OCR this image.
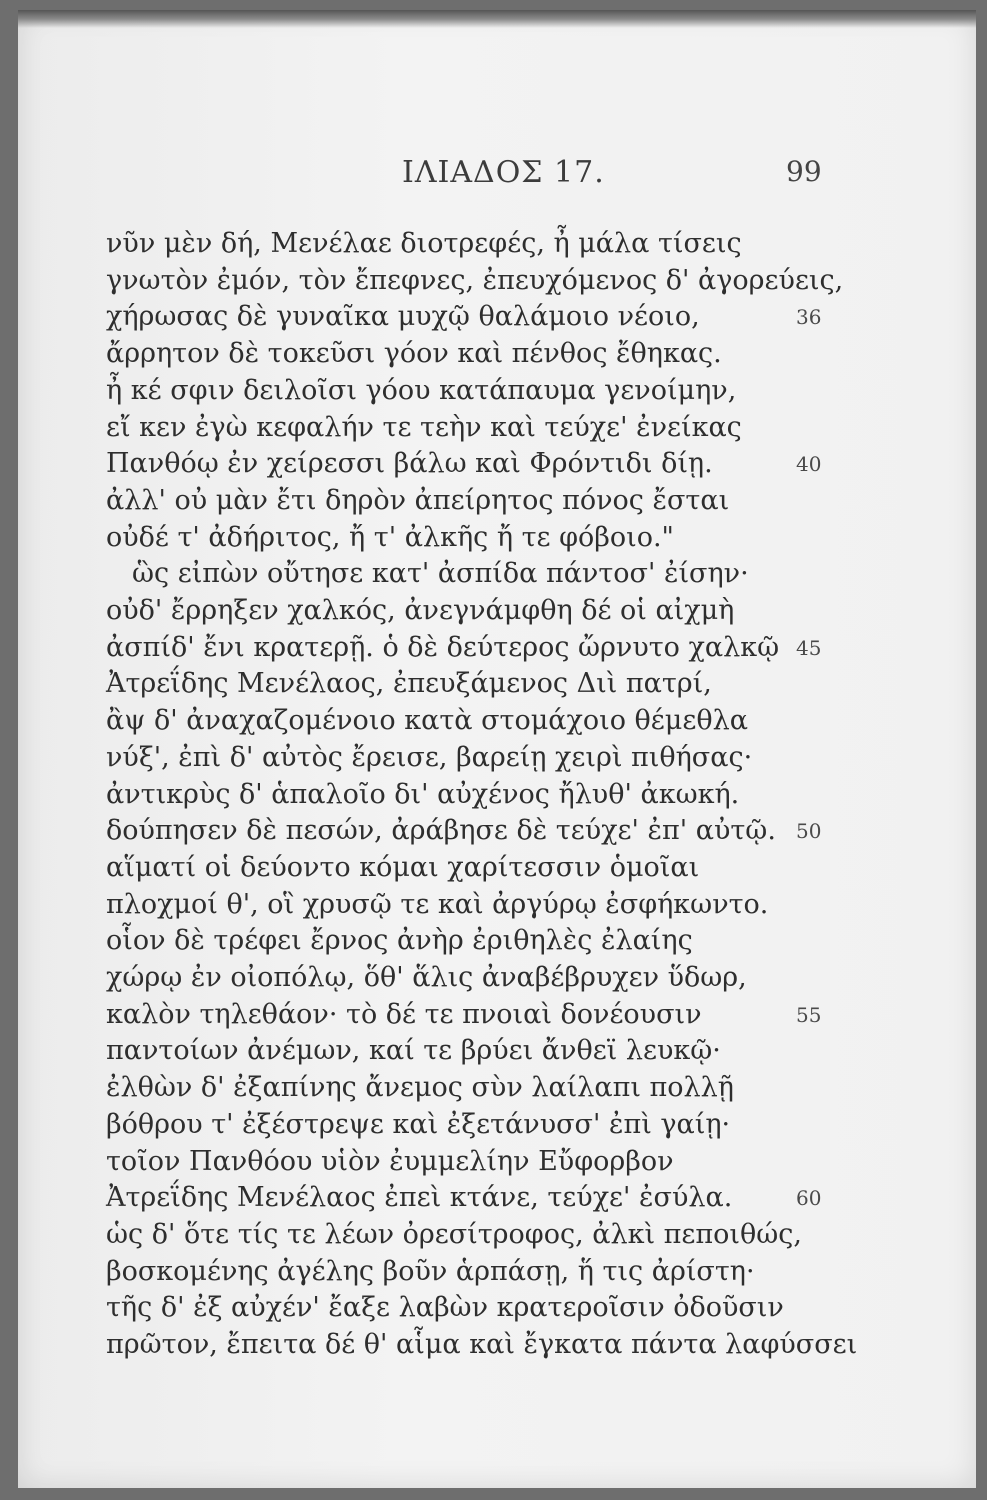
ΙΛΙΑΔΟΣ 17.	99
νῦν μὲν δή, Μενέλαε διοτρεφές, ἦ μάλα τίσεις
γνωτὸν ἐμόν, τὸν ἔπεφνες, ἐπευχόμενος δ' ἀγορεύεις,
χήρωσας δὲ γυναῖκα μυχῷ θαλάμοιο νέοιο,	36
ἄρρητον δὲ τοκεῦσι γόον καὶ πένθος ἔθηκας.
ἦ κέ σφιν δειλοῖσι γόου κατάπαυμα γενοίμην,
εἴ κεν ἐγὼ κεφαλήν τε τεὴν καὶ τεύχε' ἐνείκας
Πανθόῳ ἐν χείρεσσι βάλω καὶ Φρόντιδι δίῃ.	40
ἀλλ' οὐ μὰν ἔτι δηρὸν ἀπείρητος πόνος ἔσται
οὐδέ τ' ἀδήριτος, ἤ τ' ἀλκῆς ἤ τε φόβοιο."
ὣς εἰπὼν οὔτησε κατ' ἀσπίδα πάντοσ' ἐίσην·
οὐδ' ἔρρηξεν χαλκός, ἀνεγνάμφθη δέ οἱ αἰχμὴ
ἀσπίδ' ἔνι κρατερῇ. ὁ δὲ δεύτερος ὤρνυτο χαλκῷ 45
Ἀτρεΐδης Μενέλαος, ἐπευξάμενος Διὶ πατρί,
ἂψ δ' ἀναχαζομένοιο κατὰ στομάχοιο θέμεθλα
νύξ', ἐπὶ δ' αὐτὸς ἔρεισε, βαρείῃ χειρὶ πιθήσας·
ἀντικρὺς δ' ἁπαλοῖο δι' αὐχένος ἤλυθ' ἀκωκή.
δούπησεν δὲ πεσών, ἀράβησε δὲ τεύχε' ἐπ' αὐτῷ. 50
αἵματί οἱ δεύοντο κόμαι χαρίτεσσιν ὁμοῖαι
πλοχμοί θ', οἳ χρυσῷ τε καὶ ἀργύρῳ ἐσφήκωντο.
οἷον δὲ τρέφει ἔρνος ἀνὴρ ἐριθηλὲς ἐλαίης
χώρῳ ἐν οἰοπόλῳ, ὅθ' ἅλις ἀναβέβρυχεν ὕδωρ,
καλὸν τηλεθάον· τὸ δέ τε πνοιαὶ δονέουσιν	55
παντοίων ἀνέμων, καί τε βρύει ἄνθεϊ λευκῷ·
ἐλθὼν δ' ἐξαπίνης ἄνεμος σὺν λαίλαπι πολλῇ
βόθρου τ' ἐξέστρεψε καὶ ἐξετάνυσσ' ἐπὶ γαίῃ·
τοῖον Πανθόου υἱὸν ἐυμμελίην Εὔφορβον
Ἀτρεΐδης Μενέλαος ἐπεὶ κτάνε, τεύχε' ἐσύλα.	60
ὡς δ' ὅτε τίς τε λέων ὀρεσίτροφος, ἀλκὶ πεποιθώς,
βοσκομένης ἀγέλης βοῦν ἁρπάσῃ, ἥ τις ἀρίστη·
τῆς δ' ἐξ αὐχέν' ἔαξε λαβὼν κρατεροῖσιν ὀδοῦσιν
πρῶτον, ἔπειτα δέ θ' αἷμα καὶ ἔγκατα πάντα λαφύσσει
